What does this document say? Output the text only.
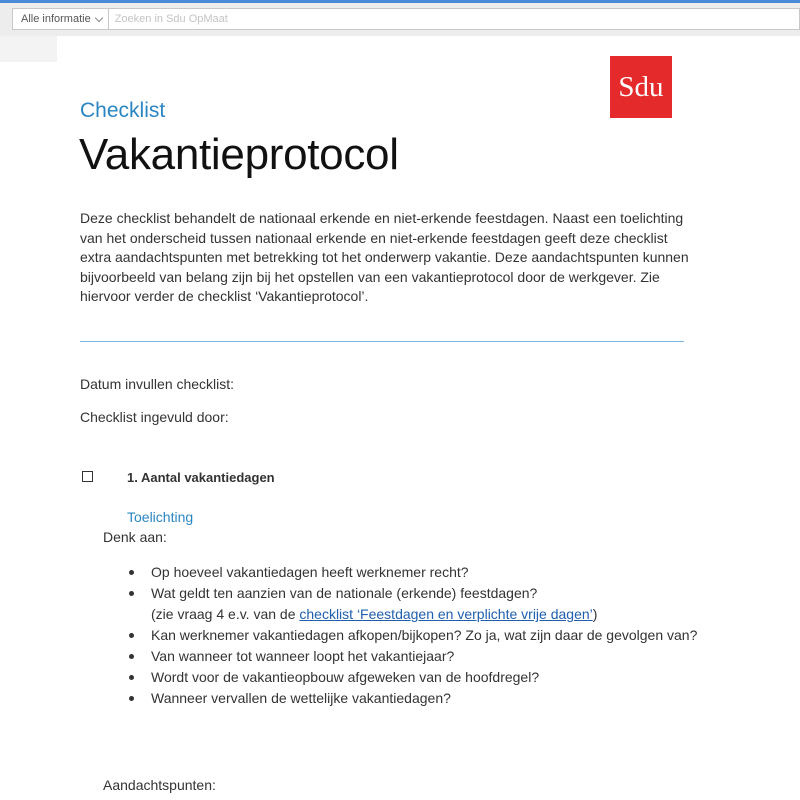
Alle informatie
Zoeken in Sdu OpMaat
Sdu
Checklist
Vakantieprotocol

Deze checklist behandelt de nationaal erkende en niet-erkende feestdagen. Naast een toelichting van het onderscheid tussen nationaal erkende en niet-erkende feestdagen geeft deze checklist extra aandachtspunten met betrekking tot het onderwerp vakantie. Deze aandachtspunten kunnen bijvoorbeeld van belang zijn bij het opstellen van een vakantieprotocol door de werkgever. Zie hiervoor verder de checklist ‘Vakantieprotocol’.

Datum invullen checklist:
Checklist ingevuld door:
1. Aantal vakantiedagen
Toelichting
Denk aan:
Op hoeveel vakantiedagen heeft werknemer recht?
Wat geldt ten aanzien van de nationale (erkende) feestdagen?
(zie vraag 4 e.v. van de checklist ‘Feestdagen en verplichte vrije dagen’)
Kan werknemer vakantiedagen afkopen/bijkopen? Zo ja, wat zijn daar de gevolgen van?
Van wanneer tot wanneer loopt het vakantiejaar?
Wordt voor de vakantieopbouw afgeweken van de hoofdregel?
Wanneer vervallen de wettelijke vakantiedagen?
Aandachtspunten:
